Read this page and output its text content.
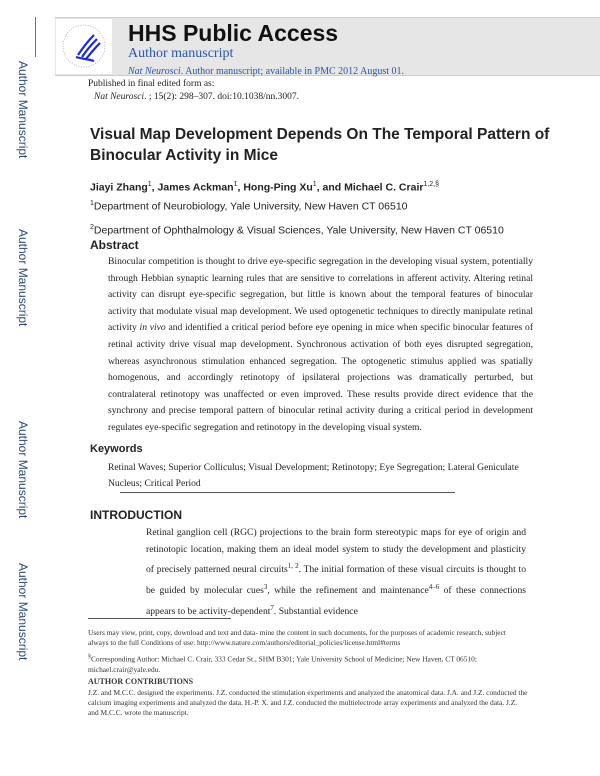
Author Manuscript
Author Manuscript
Author Manuscript
Author Manuscript
HHS Public Access
Author manuscript
Nat Neurosci. Author manuscript; available in PMC 2012 August 01.
Published in final edited form as:
Nat Neurosci. ; 15(2): 298–307. doi:10.1038/nn.3007.
Visual Map Development Depends On The Temporal Pattern of Binocular Activity in Mice
Jiayi Zhang$^1$, James Ackman$^1$, Hong-Ping Xu$^1$, and Michael C. Crair$^{1,2,\S}$
$^1$Department of Neurobiology, Yale University, New Haven CT 06510
$^2$Department of Ophthalmology & Visual Sciences, Yale University, New Haven CT 06510
Abstract
Binocular competition is thought to drive eye-specific segregation in the developing visual system, potentially through Hebbian synaptic learning rules that are sensitive to correlations in afferent activity. Altering retinal activity can disrupt eye-specific segregation, but little is known about the temporal features of binocular activity that modulate visual map development. We used optogenetic techniques to directly manipulate retinal activity in vivo and identified a critical period before eye opening in mice when specific binocular features of retinal activity drive visual map development. Synchronous activation of both eyes disrupted segregation, whereas asynchronous stimulation enhanced segregation. The optogenetic stimulus applied was spatially homogenous, and accordingly retinotopy of ipsilateral projections was dramatically perturbed, but contralateral retinotopy was unaffected or even improved. These results provide direct evidence that the synchrony and precise temporal pattern of binocular retinal activity during a critical period in development regulates eye-specific segregation and retinotopy in the developing visual system.
Keywords
Retinal Waves; Superior Colliculus; Visual Development; Retinotopy; Eye Segregation; Lateral Geniculate Nucleus; Critical Period
INTRODUCTION
Retinal ganglion cell (RGC) projections to the brain form stereotypic maps for eye of origin and retinotopic location, making them an ideal model system to study the development and plasticity of precisely patterned neural circuits$^{1, 2}$. The initial formation of these visual circuits is thought to be guided by molecular cues$^3$, while the refinement and maintenance$^{4-6}$ of these connections appears to be activity-dependent$^7$. Substantial evidence
Users may view, print, copy, download and text and data- mine the content in such documents, for the purposes of academic research, subject always to the full Conditions of use: http://www.nature.com/authors/editorial_policies/license.html#terms
§Corresponding Author: Michael C. Crair, 333 Cedar St., SHM B301; Yale University School of Medicine; New Haven, CT 06510; michael.crair@yale.edu.
AUTHOR CONTRIBUTIONS
J.Z. and M.C.C. designed the experiments. J.Z. conducted the stimulation experiments and analyzed the anatomical data. J.A. and J.Z. conducted the calcium imaging experiments and analyzed the data. H.-P. X. and J.Z. conducted the multielectrode array experiments and analyzed the data. J.Z. and M.C.C. wrote the manuscript.
